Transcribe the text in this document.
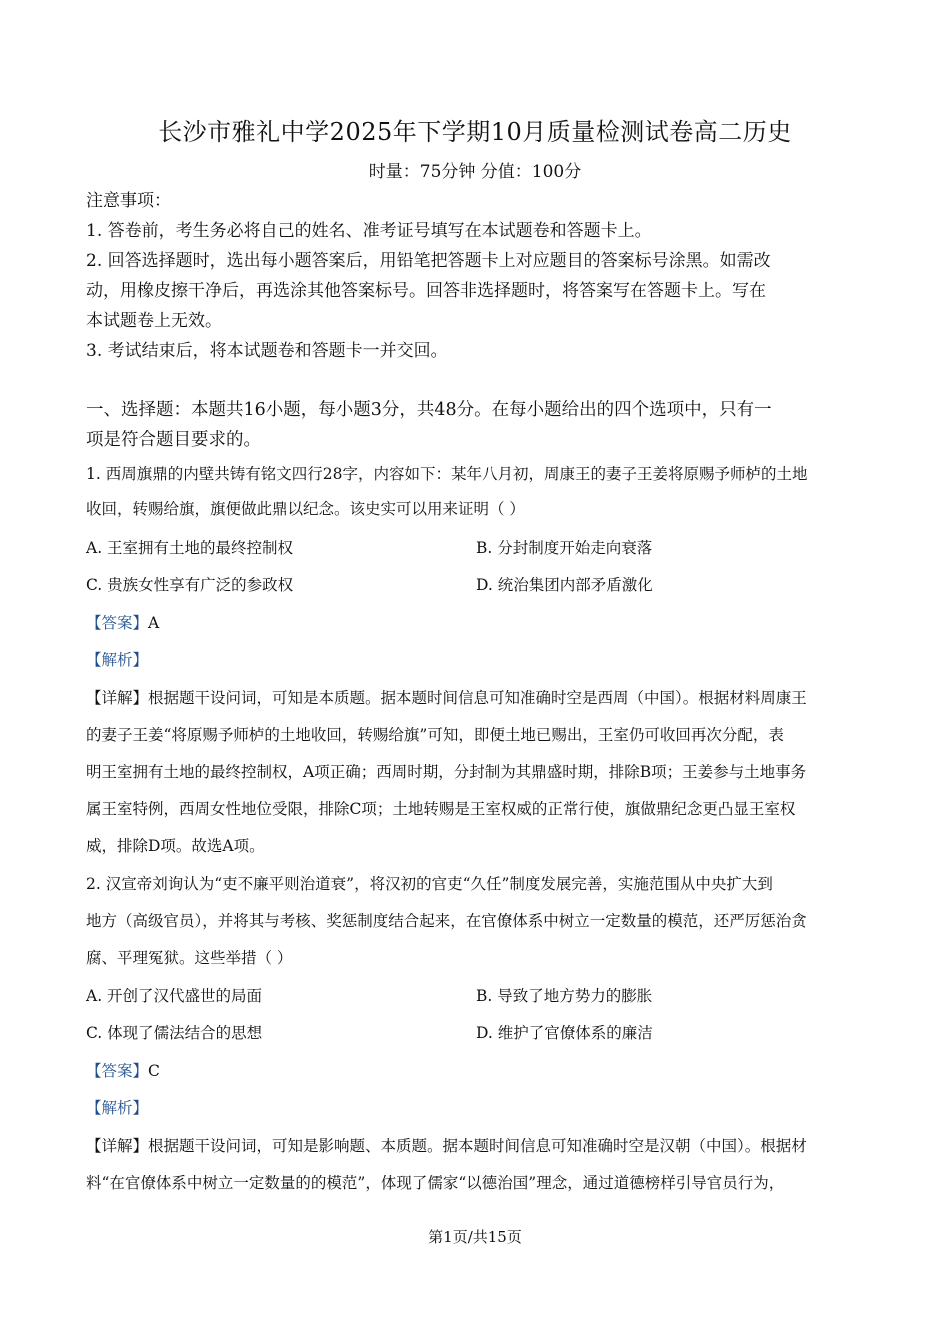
长沙市雅礼中学2025年下学期10月质量检测试卷高二历史
时量：75分钟 分值：100分
注意事项：
1. 答卷前，考生务必将自己的姓名、准考证号填写在本试题卷和答题卡上。
2. 回答选择题时，选出每小题答案后，用铅笔把答题卡上对应题目的答案标号涂黑。如需改
动，用橡皮擦干净后，再选涂其他答案标号。回答非选择题时，将答案写在答题卡上。写在
本试题卷上无效。
3. 考试结束后，将本试题卷和答题卡一并交回。
一、选择题：本题共16小题，每小题3分，共48分。在每小题给出的四个选项中，只有一
项是符合题目要求的。
1. 西周旗鼎的内壁共铸有铭文四行28字，内容如下：某年八月初，周康王的妻子王姜将原赐予师栌的土地
收回，转赐给旗，旗便做此鼎以纪念。该史实可以用来证明（ ）
A. 王室拥有土地的最终控制权	B. 分封制度开始走向衰落
C. 贵族女性享有广泛的参政权	D. 统治集团内部矛盾激化
【答案】A
【解析】
【详解】根据题干设问词，可知是本质题。据本题时间信息可知准确时空是西周（中国）。根据材料周康王
的妻子王姜“将原赐予师栌的土地收回，转赐给旗”可知，即便土地已赐出，王室仍可收回再次分配，表
明王室拥有土地的最终控制权，A项正确；西周时期，分封制为其鼎盛时期，排除B项；王姜参与土地事务
属王室特例，西周女性地位受限，排除C项；土地转赐是王室权威的正常行使，旗做鼎纪念更凸显王室权
威，排除D项。故选A项。
2. 汉宣帝刘询认为“吏不廉平则治道衰”，将汉初的官吏“久任”制度发展完善，实施范围从中央扩大到
地方（高级官员），并将其与考核、奖惩制度结合起来，在官僚体系中树立一定数量的模范，还严厉惩治贪
腐、平理冤狱。这些举措（ ）
A. 开创了汉代盛世的局面	B. 导致了地方势力的膨胀
C. 体现了儒法结合的思想	D. 维护了官僚体系的廉洁
【答案】C
【解析】
【详解】根据题干设问词，可知是影响题、本质题。据本题时间信息可知准确时空是汉朝（中国）。根据材
料“在官僚体系中树立一定数量的的模范”，体现了儒家“以德治国”理念，通过道德榜样引导官员行为，
第1页/共15页
